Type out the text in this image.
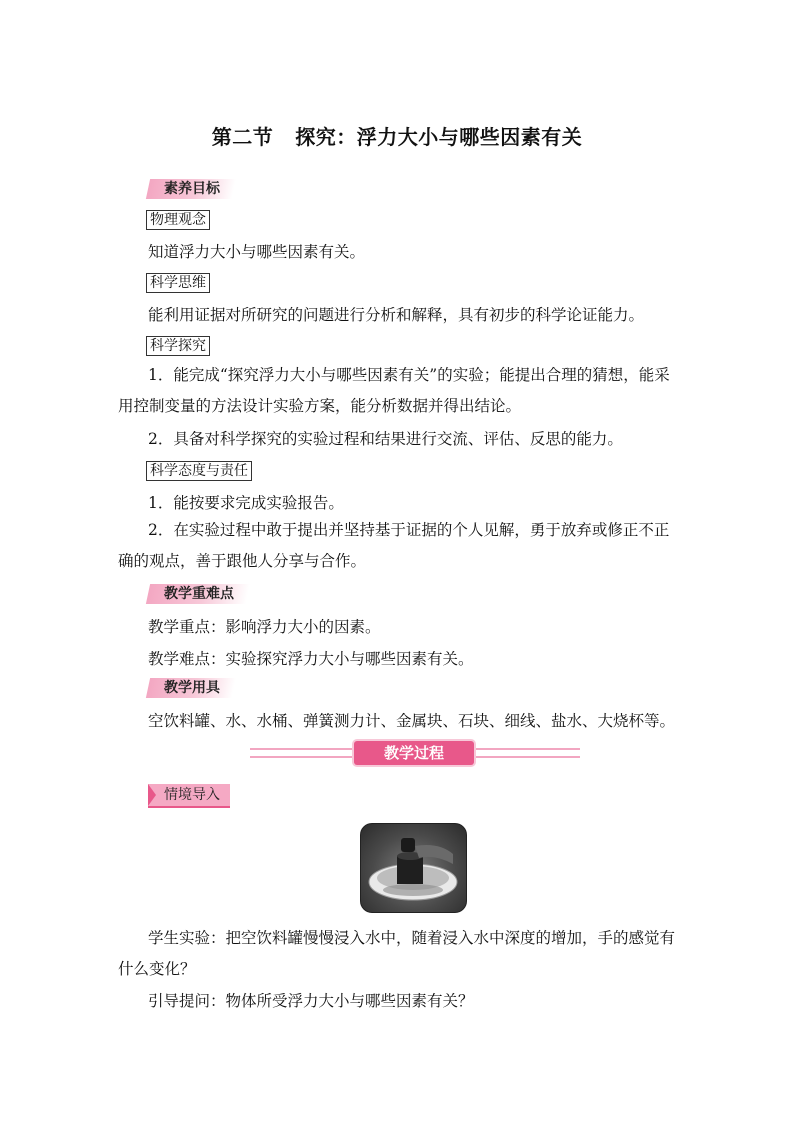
第二节 探究：浮力大小与哪些因素有关
素养目标
物理观念
知道浮力大小与哪些因素有关。
科学思维
能利用证据对所研究的问题进行分析和解释，具有初步的科学论证能力。
科学探究
1．能完成“探究浮力大小与哪些因素有关”的实验；能提出合理的猜想，能采用控制变量的方法设计实验方案，能分析数据并得出结论。
2．具备对科学探究的实验过程和结果进行交流、评估、反思的能力。
科学态度与责任
1．能按要求完成实验报告。
2．在实验过程中敢于提出并坚持基于证据的个人见解，勇于放弃或修正不正确的观点，善于跟他人分享与合作。
教学重难点
教学重点：影响浮力大小的因素。
教学难点：实验探究浮力大小与哪些因素有关。
教学用具
空饮料罐、水、水桶、弹簧测力计、金属块、石块、细线、盐水、大烧杯等。
教学过程
情境导入
学生实验：把空饮料罐慢慢浸入水中，随着浸入水中深度的增加，手的感觉有什么变化？
引导提问：物体所受浮力大小与哪些因素有关？
